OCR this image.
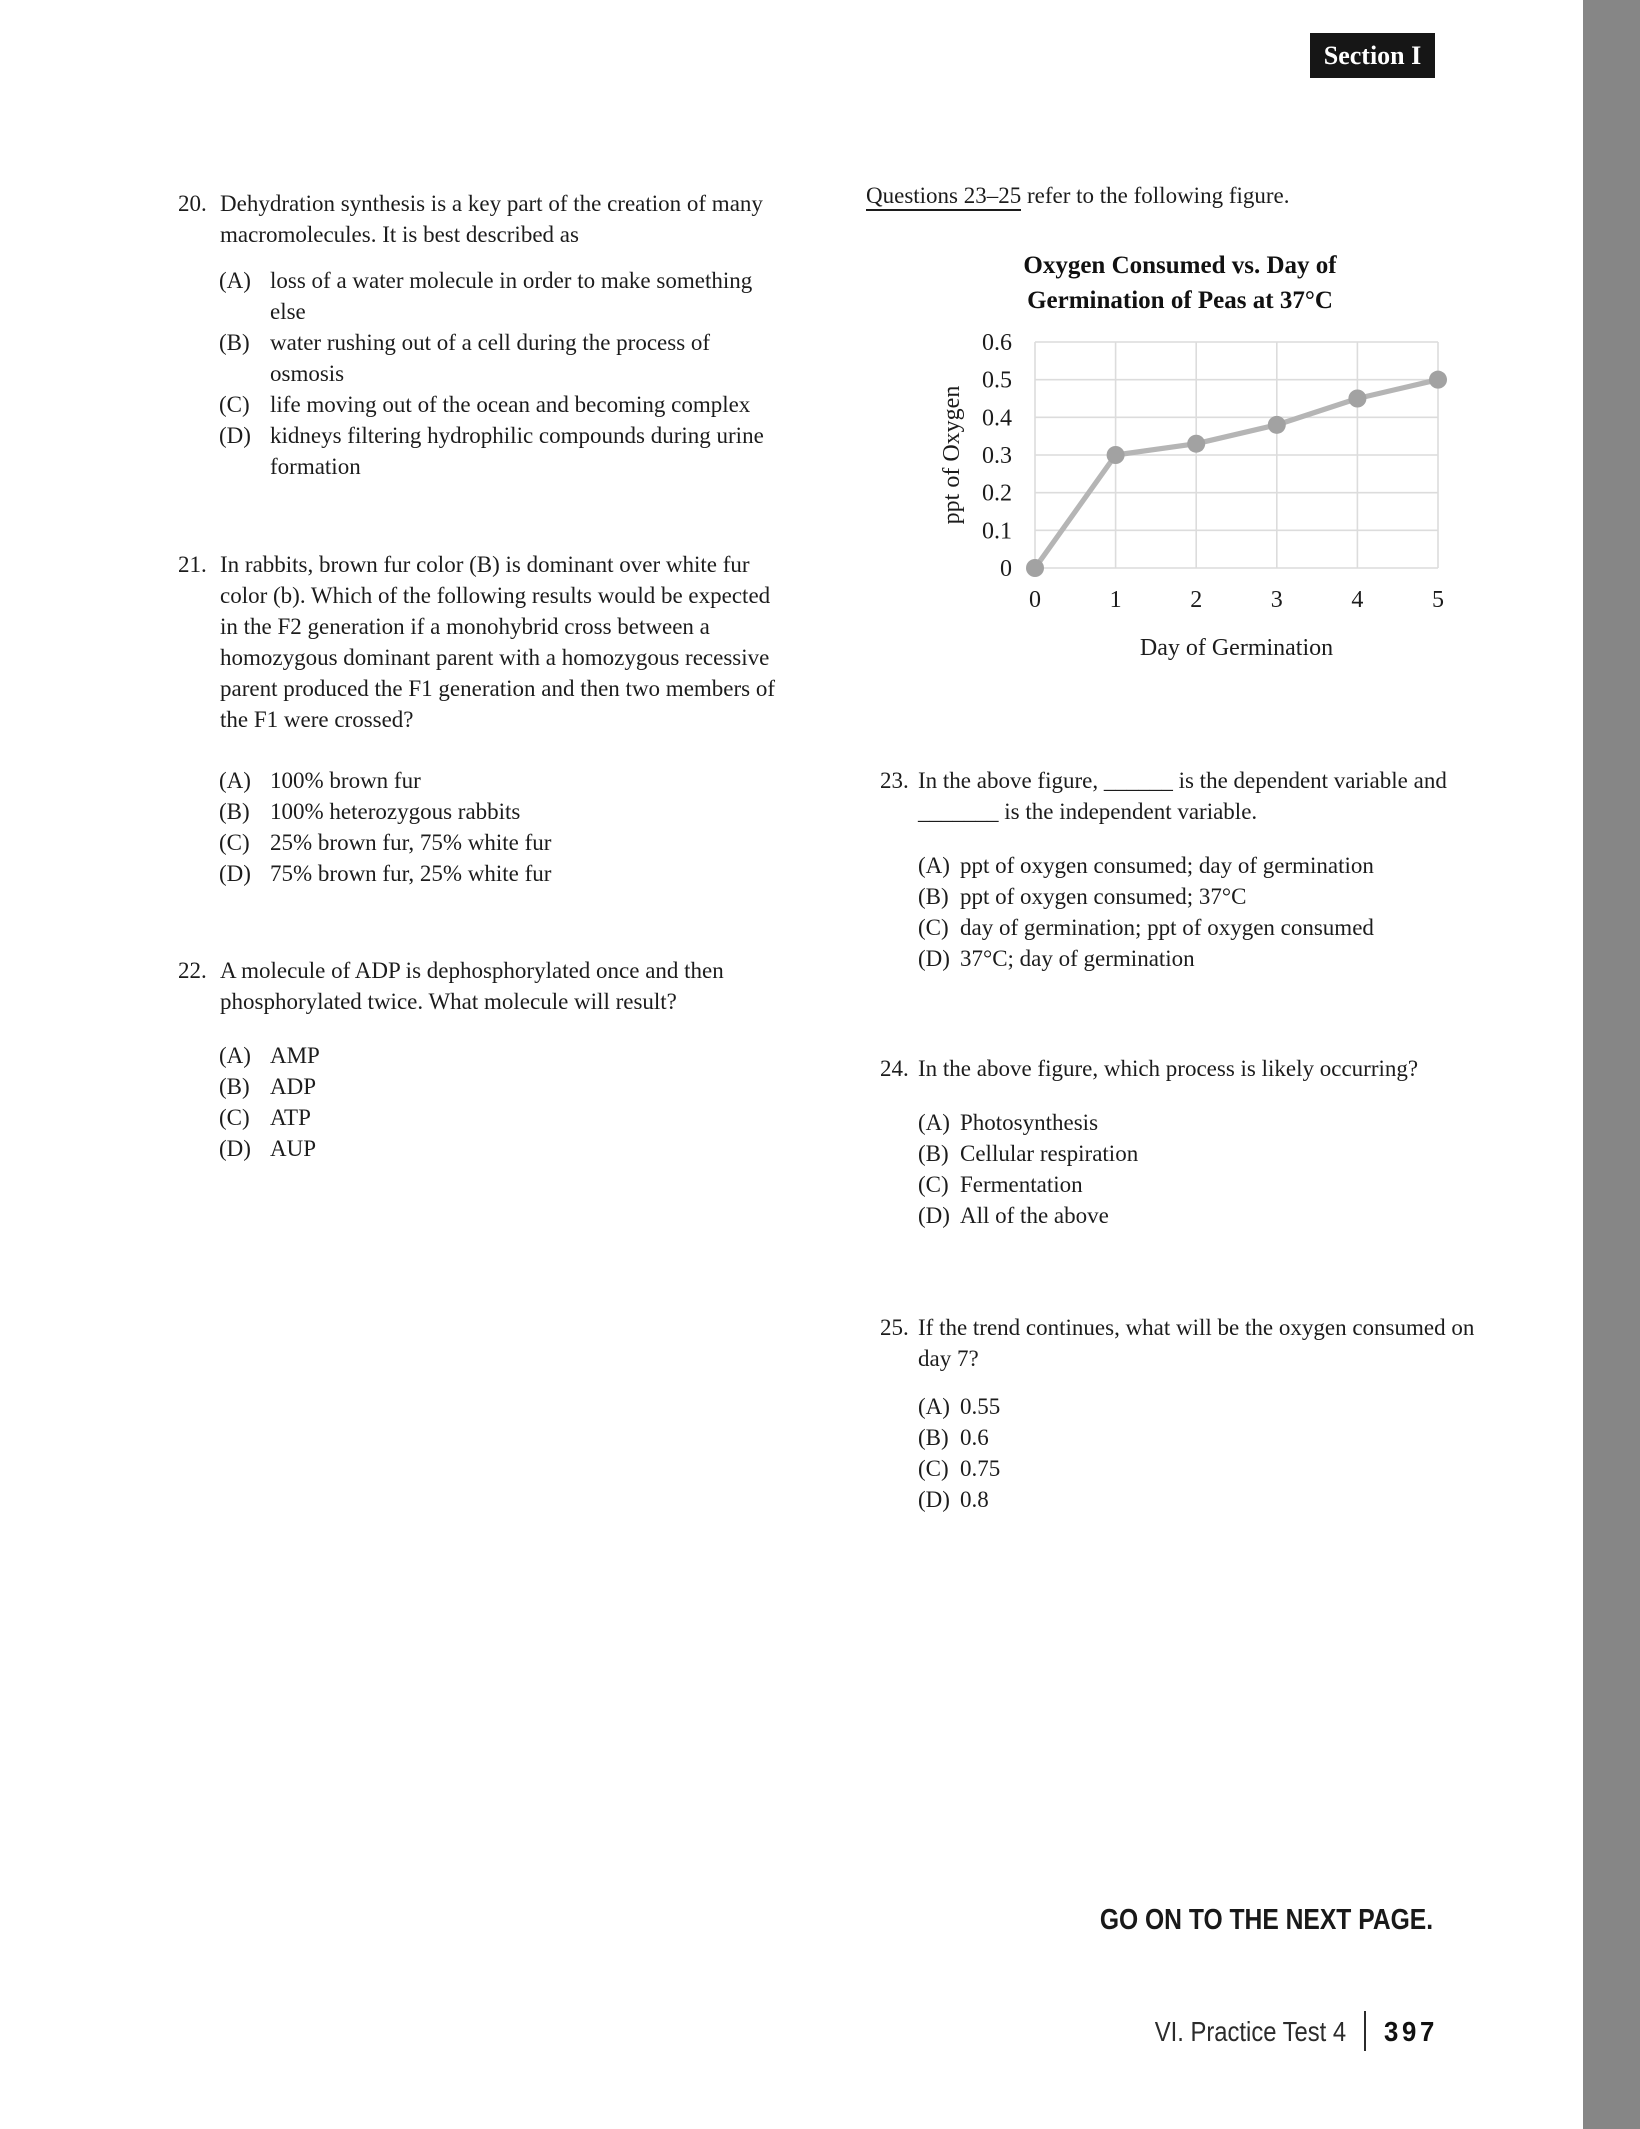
Section I
20. Dehydration synthesis is a key part of the creation of many macromolecules. It is best described as
(A) loss of a water molecule in order to make something else
(B) water rushing out of a cell during the process of osmosis
(C) life moving out of the ocean and becoming complex
(D) kidneys filtering hydrophilic compounds during urine formation
21. In rabbits, brown fur color (B) is dominant over white fur color (b). Which of the following results would be expected in the F2 generation if a monohybrid cross between a homozygous dominant parent with a homozygous recessive parent produced the F1 generation and then two members of the F1 were crossed?
(A) 100% brown fur
(B) 100% heterozygous rabbits
(C) 25% brown fur, 75% white fur
(D) 75% brown fur, 25% white fur
22. A molecule of ADP is dephosphorylated once and then phosphorylated twice. What molecule will result?
(A) AMP
(B) ADP
(C) ATP
(D) AUP
Questions 23–25 refer to the following figure.
0
0.1
0.2
0.3
0.4
0.5
0.6
0	1	2	3	4	5
Oxygen Consumed vs. Day of
Germination of Peas at 37°C
Day of Germination
ppt of Oxygen
23. In the above figure, ______ is the dependent variable and _______ is the independent variable.
(A) ppt of oxygen consumed; day of germination
(B) ppt of oxygen consumed; 37°C
(C) day of germination; ppt of oxygen consumed
(D) 37°C; day of germination
24. In the above figure, which process is likely occurring?
(A) Photosynthesis
(B) Cellular respiration
(C) Fermentation
(D) All of the above
25. If the trend continues, what will be the oxygen consumed on day 7?
(A) 0.55
(B) 0.6
(C) 0.75
(D) 0.8
GO ON TO THE NEXT PAGE.
VI. Practice Test 4 397
